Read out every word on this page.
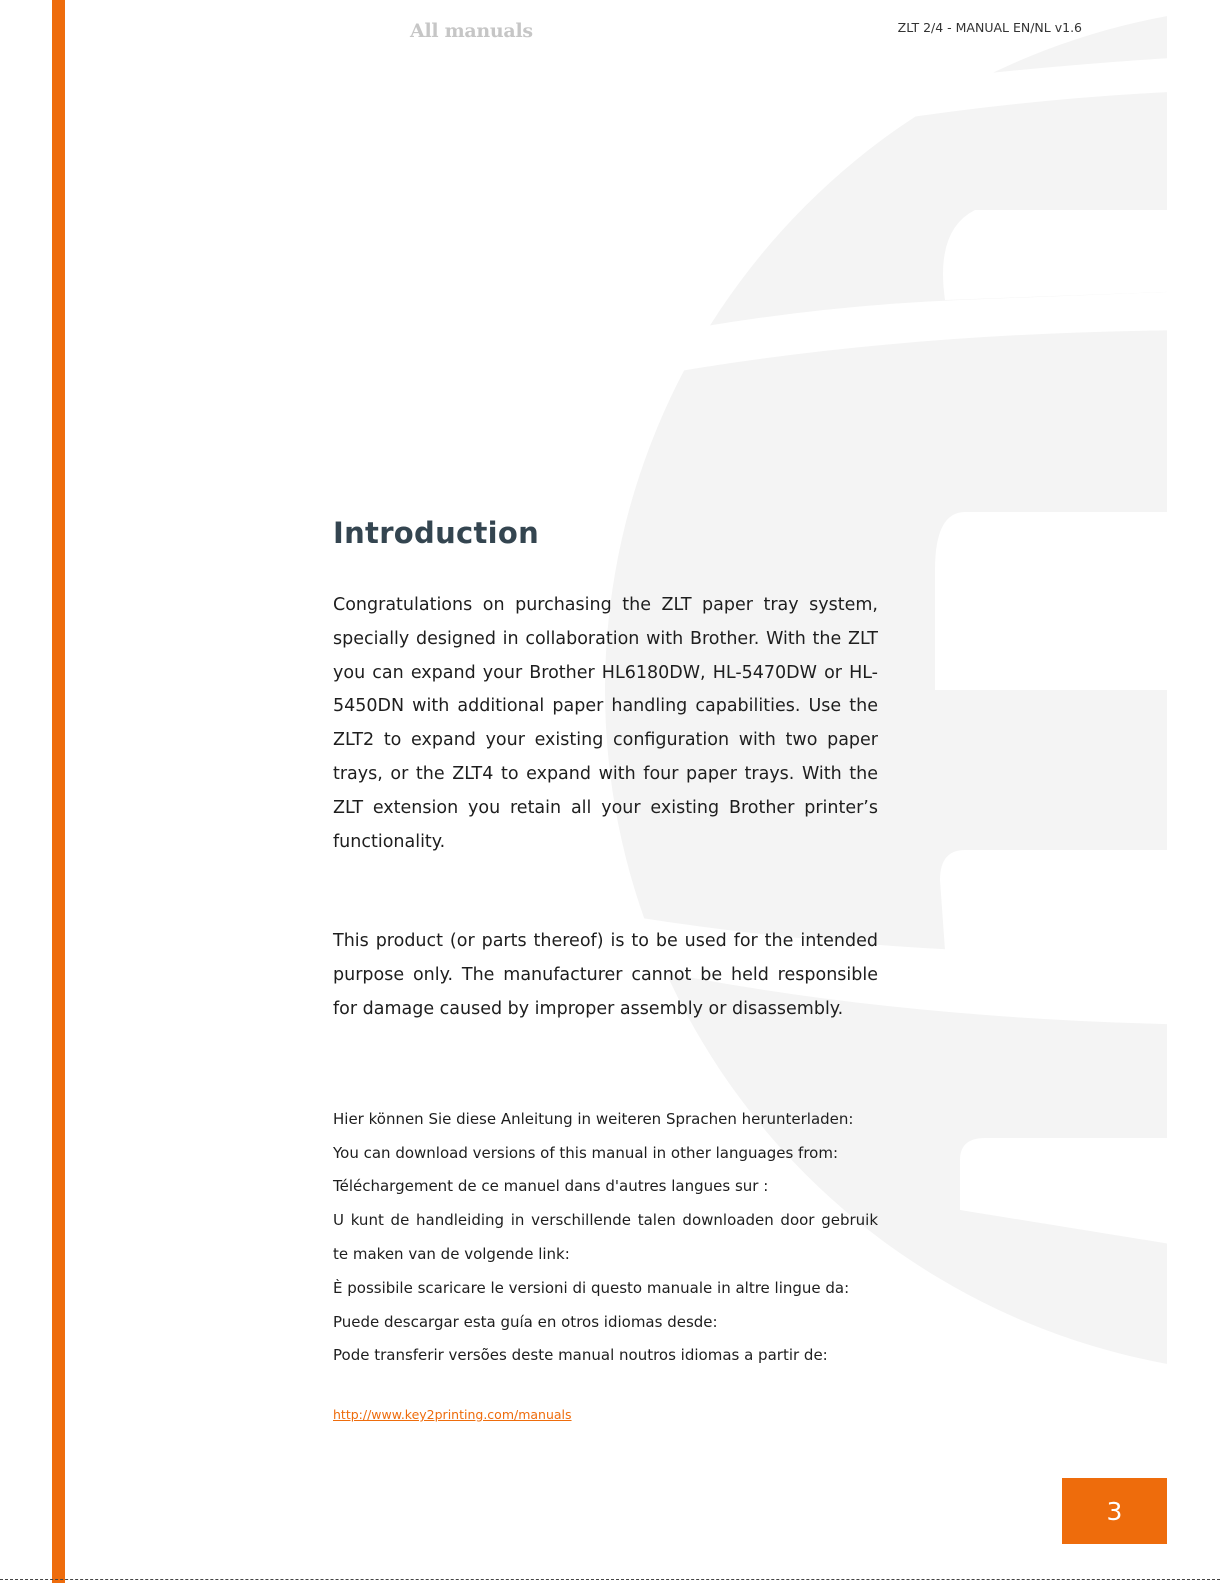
All manuals	ZLT 2/4 - MANUAL EN/NL v1.6
Introduction

Congratulations on purchasing the ZLT paper tray system, specially designed in collaboration with Brother. With the ZLT you can expand your Brother HL6180DW, HL-5470DW or HL-5450DN with additional paper handling capabilities. Use the ZLT2 to expand your existing configuration with two paper trays, or the ZLT4 to expand with four paper trays. With the ZLT extension you retain all your existing Brother printer’s functionality.

This product (or parts thereof) is to be used for the intended purpose only. The manufacturer cannot be held responsible for damage caused by improper assembly or disassembly.

Hier können Sie diese Anleitung in weiteren Sprachen herunterladen:

You can download versions of this manual in other languages from:

Téléchargement de ce manuel dans d'autres langues sur :

U kunt de handleiding in verschillende talen downloaden door gebruik te maken van de volgende link:

È possibile scaricare le versioni di questo manuale in altre lingue da:

Puede descargar esta guía en otros idiomas desde:

Pode transferir versões deste manual noutros idiomas a partir de:

http://www.key2printing.com/manuals
3
